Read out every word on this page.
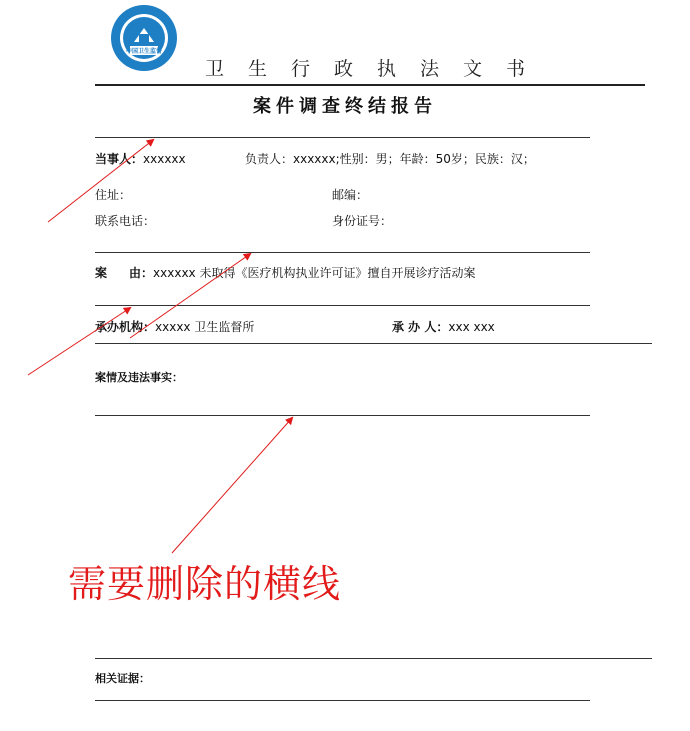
中国卫生监督
卫生行政执法文书
案件调查终结报告
当事人：xxxxxx	负责人：xxxxxx;性别：男；年龄：50岁；民族：汉；
住址：	邮编：
联系电话：	身份证号：
案 由：xxxxxx 未取得《医疗机构执业许可证》擅自开展诊疗活动案
承办机构：xxxxx 卫生监督所	承 办 人：xxx xxx
案情及违法事实：
需要删除的横线
相关证据：
